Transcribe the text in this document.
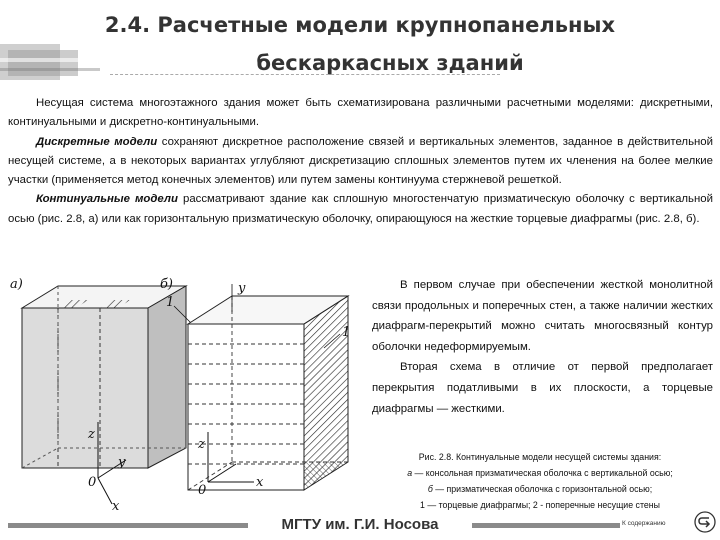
2.4. Расчетные модели крупнопанельных
бескаркасных зданий

Несущая система многоэтажного здания может быть схематизирована различными расчетными моделями: дискретными, континуальными и дискретно-континуальными.

Дискретные модели сохраняют дискретное расположение связей и вертикальных элементов, заданное в действительной несущей системе, а в некоторых вариантах углубляют дискретизацию сплошных элементов путем их членения на более мелкие участки (применяется метод конечных элементов) или путем замены континуума стержневой решеткой.

Континуальные модели рассматривают здание как сплошную многостенчатую призматическую оболочку с вертикальной осью (рис. 2.8, а) или как горизонтальную призматическую оболочку, опирающуюся на жесткие торцевые диафрагмы (рис. 2.8, б).

В первом случае при обеспечении жесткой монолитной связи продольных и поперечных стен, а также наличии жестких диафрагм-перекрытий можно считать многосвязный контур оболочки недеформируемым.

Вторая схема в отличие от первой предполагает перекрытия податливыми в их плоскости, а торцевые диафрагмы — жесткими.

а)
z
y
0
x
б)
1
z
y
0
x
1
Рис. 2.8. Континуальные модели несущей системы здания:
а — консольная призматическая оболочка с вертикальной осью;
б — призматическая оболочка с горизонтальной осью;
1 — торцевые диафрагмы; 2 - поперечные несущие стены
МГТУ им. Г.И. Носова	К содержанию
